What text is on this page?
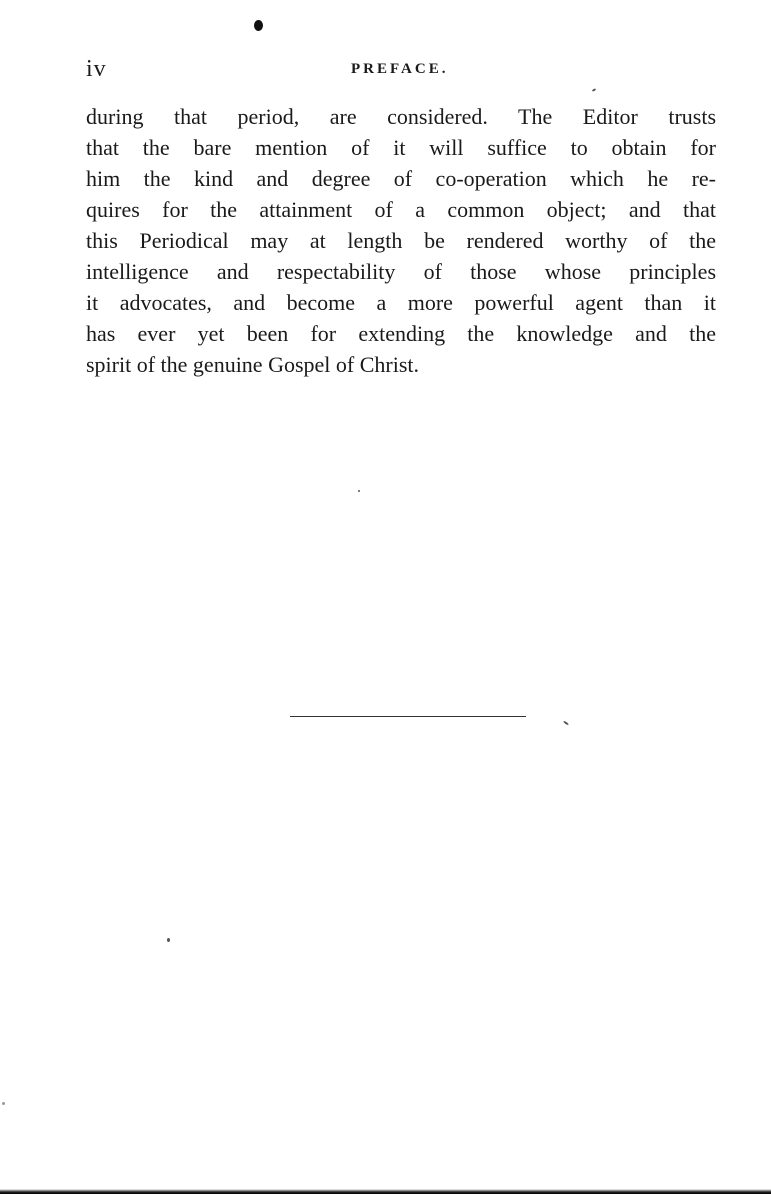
iv	PREFACE.
during that period, are considered. The Editor trusts
that the bare mention of it will suffice to obtain for
him the kind and degree of co-operation which he re-
quires for the attainment of a common object; and that
this Periodical may at length be rendered worthy of the
intelligence and respectability of those whose principles
it advocates, and become a more powerful agent than it
has ever yet been for extending the knowledge and the
spirit of the genuine Gospel of Christ.
